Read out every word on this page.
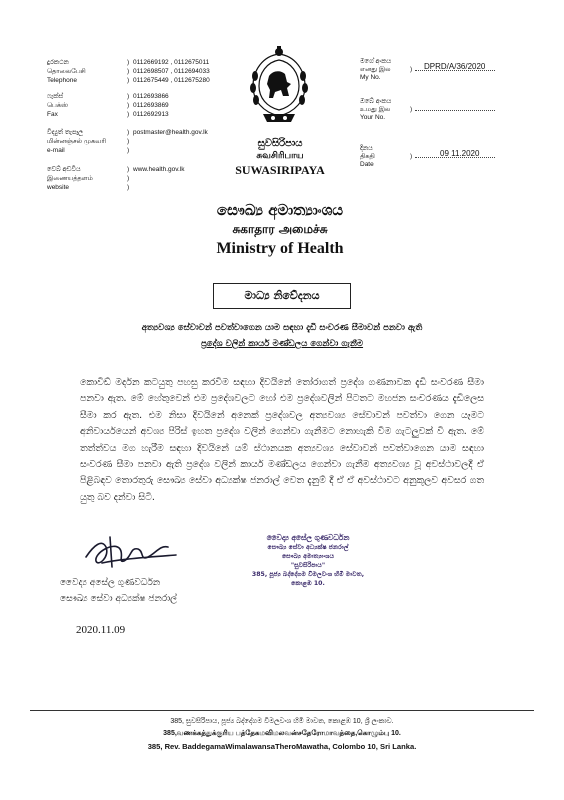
දුරකථන	) 0112669192 , 0112675011
தொலைபேசி	) 0112698507 , 0112694033
Telephone	) 0112675449 , 0112675280
ෆැක්ස්	) 0112693866
பெக்ஸ்	) 0112693869
Fax	) 0112692913
විද්‍යුත් තැපෑල	) postmaster@health.gov.lk
மின்னஞ்சல் முகவரி	)
e-mail	)
වෙබ් අඩවිය	) www.health.gov.lk
இணையத்தளம்	)
website	)
සුවසිරිපාය
சுவசிரிபாய
SUWASIRIPAYA
මගේ අංකය
எனது இல
My No.
) DPRD/A/36/2020
ඔබේ අංකය
உமது இல
Your No.
)
දිනය
திகதி
Date
)	09 11.2020
සෞඛ්‍ය අමාත්‍යාංශය
சுகாதார அமைச்சு
Ministry of Health
මාධ්‍ය නිවේදනය
අත්‍යවශ්‍ය සේවාවන් පවත්වාගෙන යාම සඳහා දැඩි සංවරණ සීමාවන් පනවා ඇති
ප්‍රදේශ වලින් කාර්ය මණ්ඩලය ගෙන්වා ගැනීම
කොවිඩ් මර්දන කටයුතු පහසු කරවීම සඳහා දිවයිනේ තෝරාගත් ප්‍රදේශ ගණනාවක දැඩි සංවරණ සීමා පනවා ඇත. මේ හේතුවෙන් එම ප්‍රදේශවලට හෝ එම ප්‍රදේශවලින් පිටතට මහජන සංචරණය දැඩිලෙස සීමා කර ඇත. එම නිසා දිවයිනේ අනෙක් ප්‍රදේශවල අත්‍යවශ්‍ය සේවාවන් පවත්වා ගෙන යෑමට අනිවාර්යයෙන් අවශ්‍ය පිරිස් ඉහත ප්‍රදේශ වලින් ගෙන්වා ගැනීමට නොහැකි වීම ගැටලුවක් වී ඇත. මේ තත්ත්වය මග හැරීම සඳහා දිවයිනේ යම් ස්ථානයක අත්‍යවශ්‍ය සේවාවන් පවත්වාගෙන යාම සඳහා සංවරණ සීමා පනවා ඇති ප්‍රදේශ වලින් කාර්ය මණ්ඩලය ගෙන්වා ගැනීම අත්‍යවශ්‍ය වූ අවස්ථාවලදී ඒ පිළිබඳව තොරතුරු සෞඛ්‍ය සේවා අධ්‍යක්ෂ ජනරාල් වෙත දැනුම් දී ඒ ඒ අවස්ථාවට අනුකූලව අවසර ගත යුතු බව දන්වා සිටී.
වෛද්‍ය අසේල ගුණවර්ධන
සෞඛ්‍ය සේවා අධ්‍යක්ෂ ජනරාල්
සෞඛ්‍ය අමාත්‍යාංශය
"සුවසිරිපාය"
385, පූජ්‍ය බද්දේගම විමලවංශ හිමි මාවත,
කොළඹ 10.
වෛද්‍ය අසේල ගුණවර්ධන
සෞඛ්‍ය සේවා අධ්‍යක්ෂ ජනරාල්
2020.11.09
385, සුවසිරිපාය, පූජ්‍ය බද්දේගම විමලවංශ හිමි මාවත, කොළඹ 10, ශ්‍රී ලංකාව.
385,வணக்கத்துக்குரிய பத்தேகமவிமலவன்சதேரோமாவத்தை,கொழும்பு 10.
385, Rev. BaddegamaWimalawansaTheroMawatha, Colombo 10, Sri Lanka.
